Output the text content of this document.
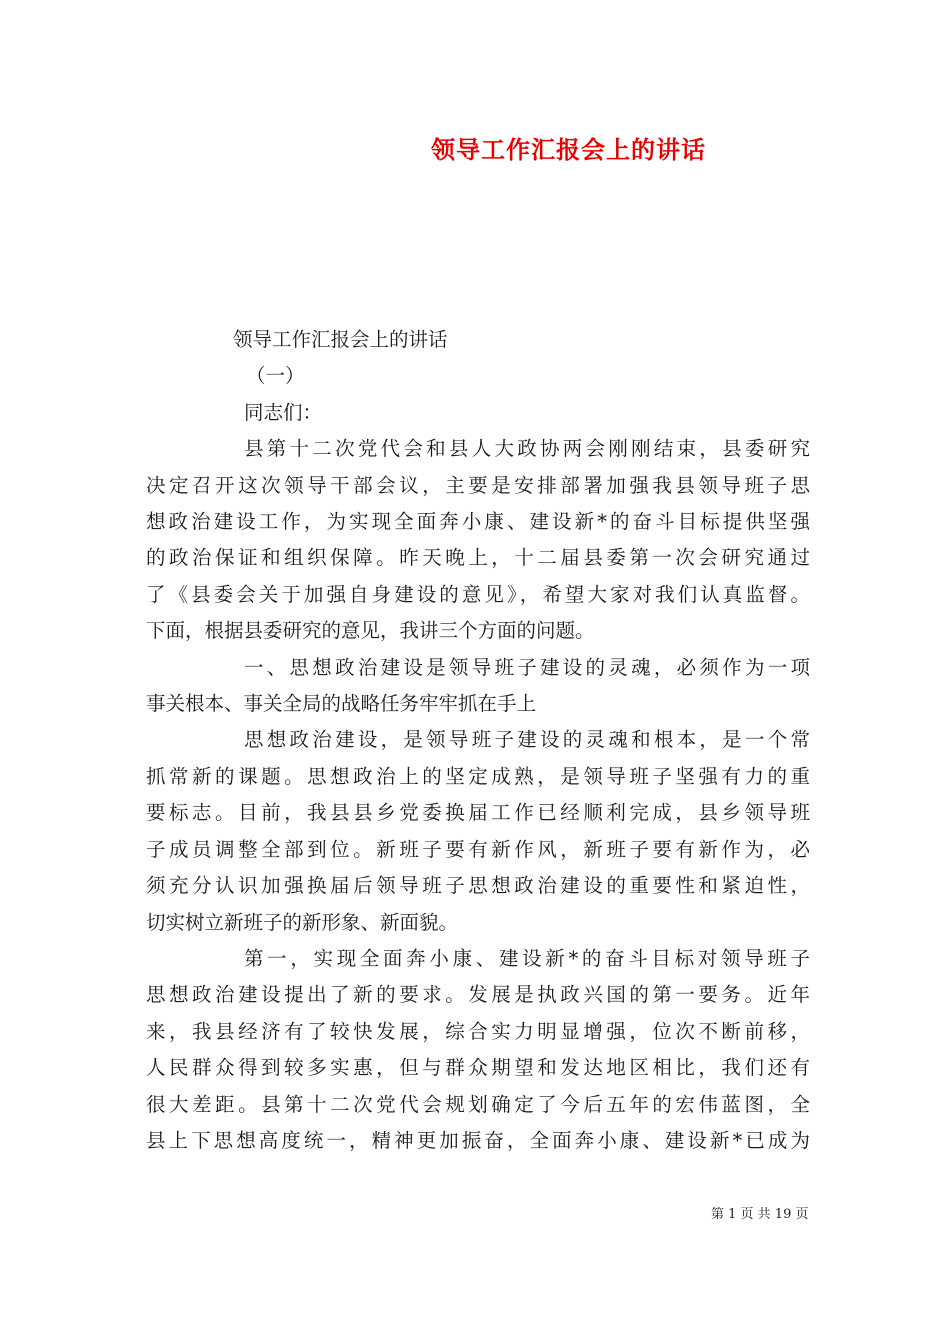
领导工作汇报会上的讲话

领导工作汇报会上的讲话

（一）

同志们：

县第十二次党代会和县人大政协两会刚刚结束，县委研究
决定召开这次领导干部会议，主要是安排部署加强我县领导班子思
想政治建设工作，为实现全面奔小康、建设新*的奋斗目标提供坚强
的政治保证和组织保障。昨天晚上，十二届县委第一次会研究通过
了《县委会关于加强自身建设的意见》，希望大家对我们认真监督。
下面，根据县委研究的意见，我讲三个方面的问题。

一、思想政治建设是领导班子建设的灵魂，必须作为一项
事关根本、事关全局的战略任务牢牢抓在手上

思想政治建设，是领导班子建设的灵魂和根本，是一个常
抓常新的课题。思想政治上的坚定成熟，是领导班子坚强有力的重
要标志。目前，我县县乡党委换届工作已经顺利完成，县乡领导班
子成员调整全部到位。新班子要有新作风，新班子要有新作为，必
须充分认识加强换届后领导班子思想政治建设的重要性和紧迫性，
切实树立新班子的新形象、新面貌。

第一，实现全面奔小康、建设新*的奋斗目标对领导班子
思想政治建设提出了新的要求。发展是执政兴国的第一要务。近年
来，我县经济有了较快发展，综合实力明显增强，位次不断前移，
人民群众得到较多实惠，但与群众期望和发达地区相比，我们还有
很大差距。县第十二次党代会规划确定了今后五年的宏伟蓝图，全
县上下思想高度统一，精神更加振奋，全面奔小康、建设新*已成为

第 1 页 共 19 页
